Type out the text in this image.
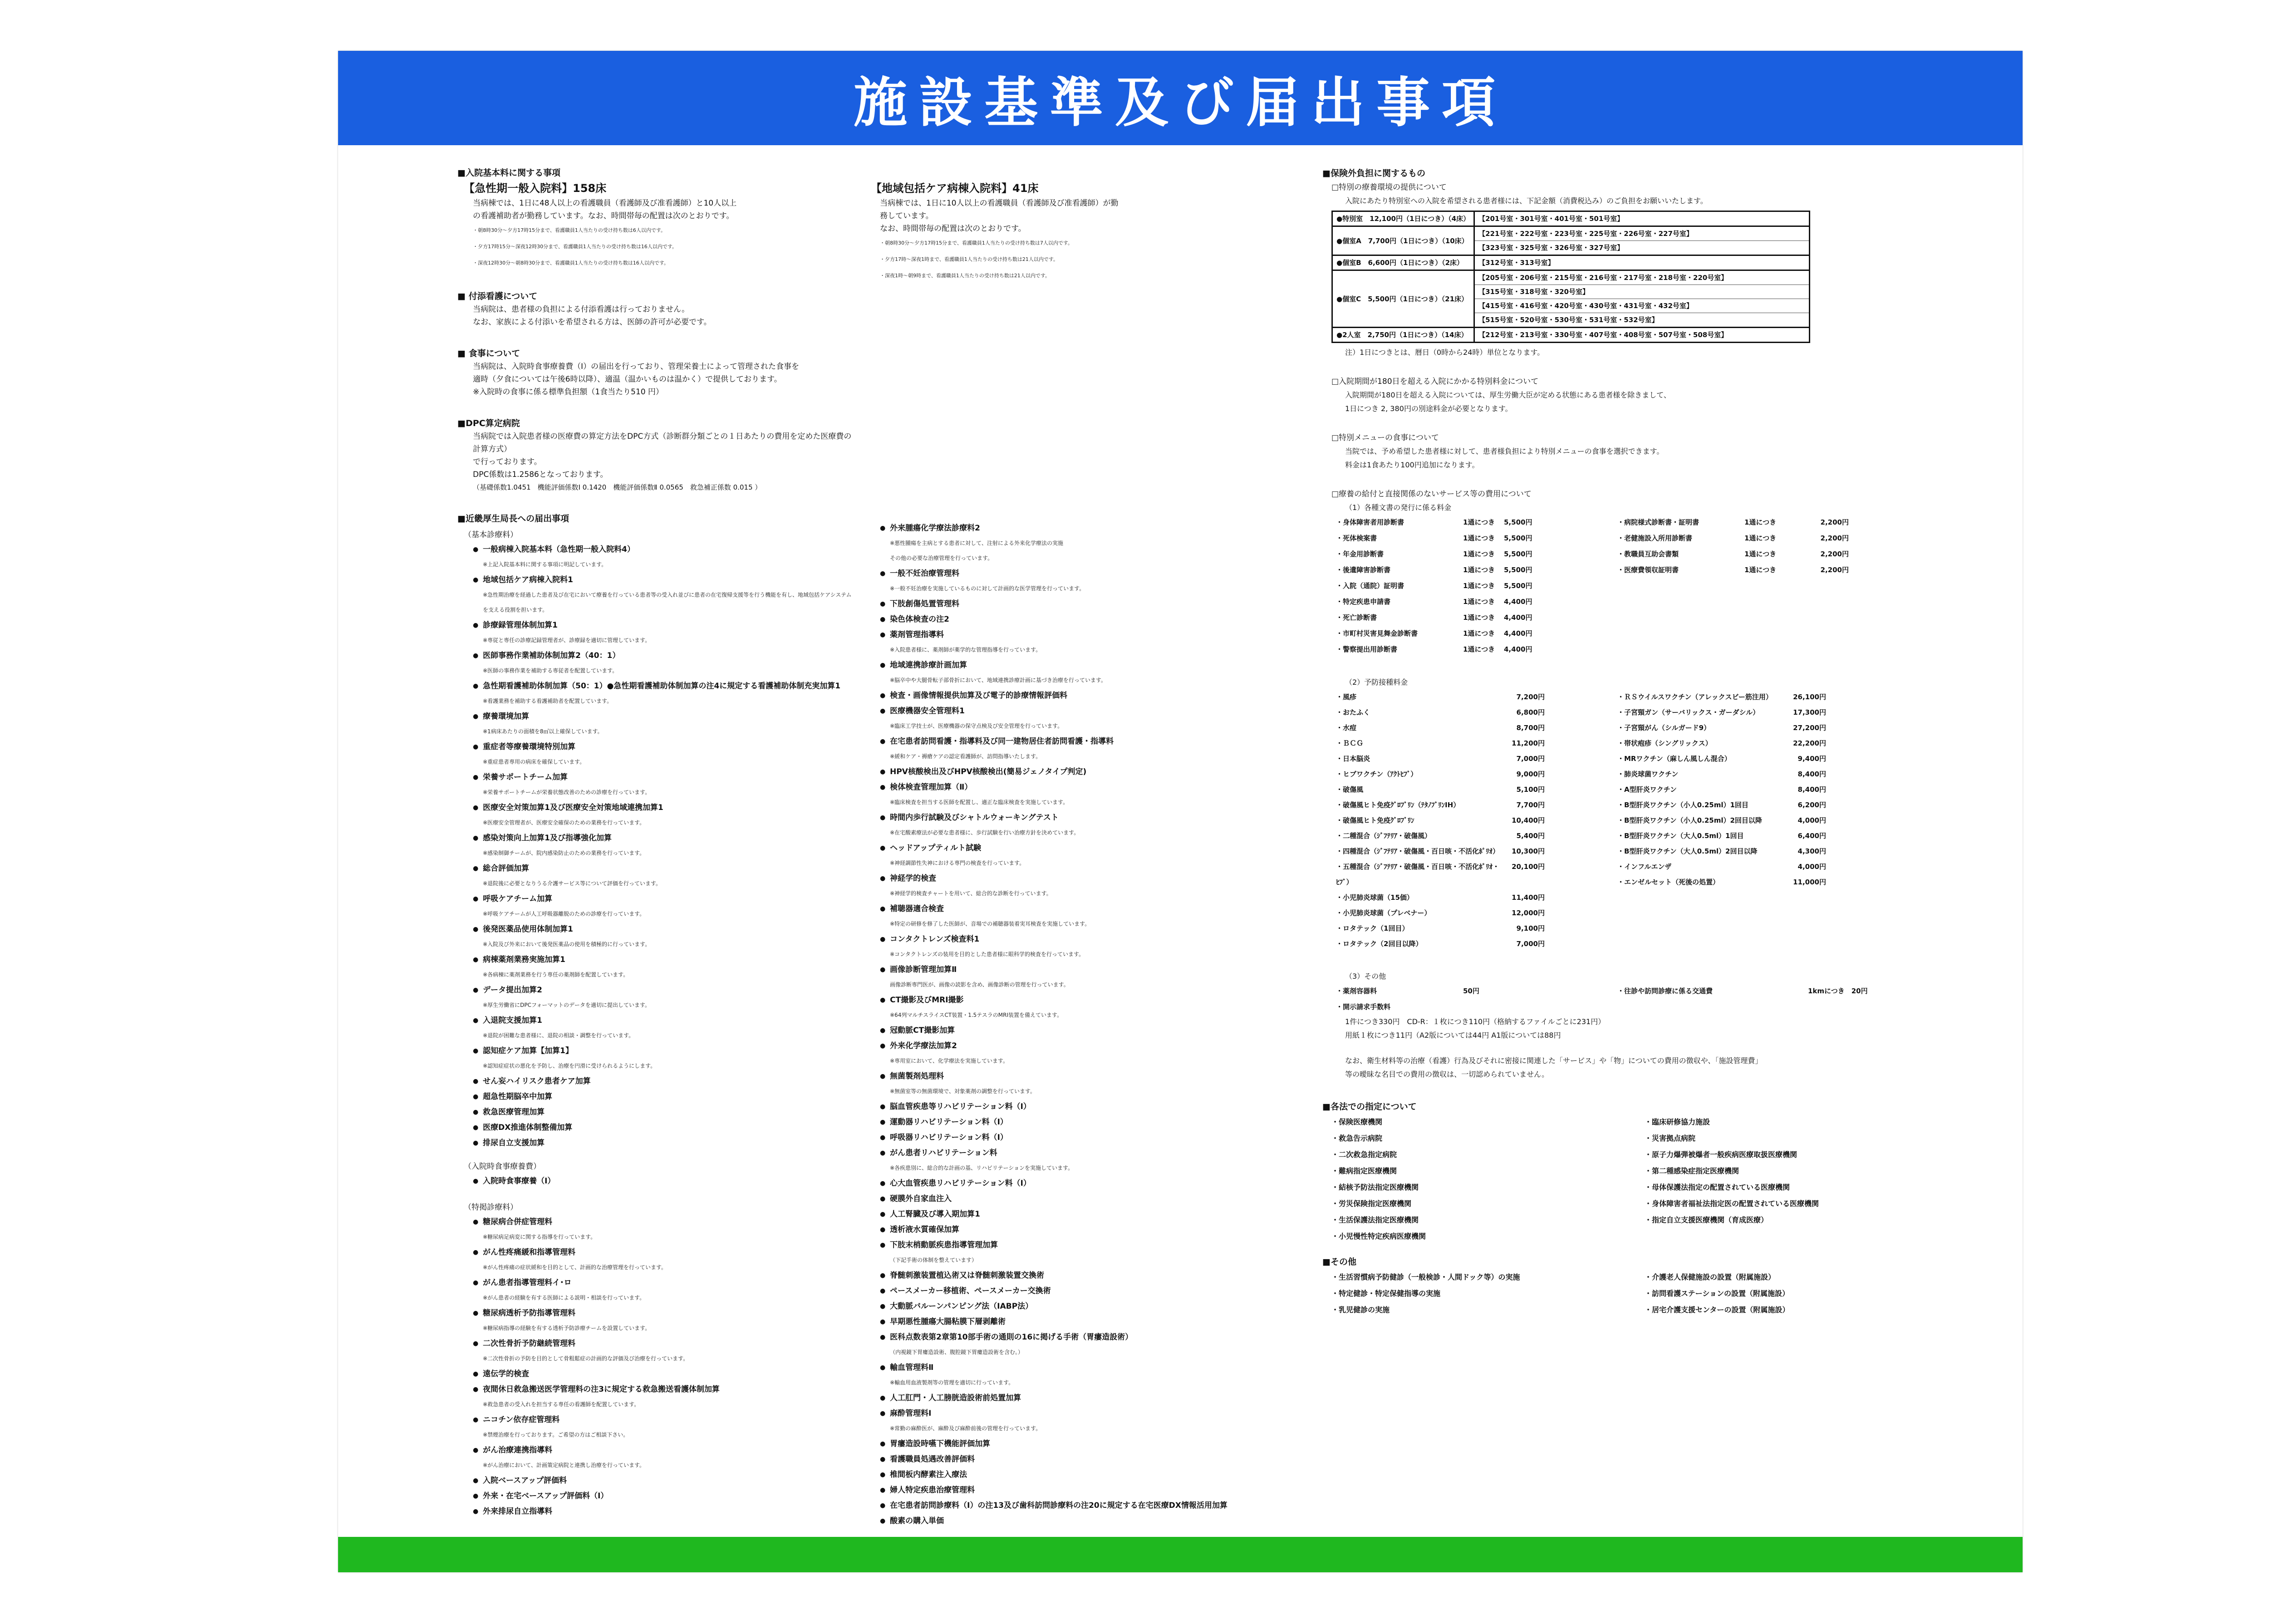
施設基準及び届出事項
■入院基本料に関する事項
【急性期一般入院料】158床
当病棟では、1日に48人以上の看護職員（看護師及び准看護師）と10人以上
の看護補助者が勤務しています。なお、時間帯毎の配置は次のとおりです。
・朝8時30分～夕方17時15分まで、看護職員1人当たりの受け持ち数は6人以内です。
・夕方17時15分～深夜12時30分まで、看護職員1人当たりの受け持ち数は16人以内です。
・深夜12時30分～朝8時30分まで、看護職員1人当たりの受け持ち数は16人以内です。
■ 付添看護について
当病院は、患者様の負担による付添看護は行っておりません。
なお、家族による付添いを希望される方は、医師の許可が必要です。
■ 食事について
当病院は、入院時食事療養費（Ⅰ）の届出を行っており、管理栄養士によって管理された食事を
適時（夕食については午後6時以降）、適温（温かいものは温かく）で提供しております。
※入院時の食事に係る標準負担額（1食当たり510 円）
■DPC算定病院
当病院では入院患者様の医療費の算定方法をDPC方式（診断群分類ごとの１日あたりの費用を定めた医療費の計算方式）
で行っております。
DPC係数は1.2586となっております。
（基礎係数1.0451　機能評価係数Ⅰ 0.1420　機能評価係数Ⅱ 0.0565　救急補正係数 0.015 ）
■近畿厚生局長への届出事項
（基本診療料）
● 一般病棟入院基本料（急性期一般入院料4）
※上記入院基本料に関する事項に明記しています。
● 地域包括ケア病棟入院料1
※急性期治療を経過した患者及び在宅において療養を行っている患者等の受入れ並びに患者の在宅復帰支援等を行う機能を有し、地域包括ケアシステムを支える役割を担います。
● 診療録管理体制加算1
※専従と専任の診療記録管理者が、診療録を適切に管理しています。
● 医師事務作業補助体制加算2（40：1）
※医師の事務作業を補助する専従者を配置しています。
● 急性期看護補助体制加算（50：1）●急性期看護補助体制加算の注4に規定する看護補助体制充実加算1
※看護業務を補助する看護補助者を配置しています。
● 療養環境加算
※1病床あたりの面積を8㎡以上確保しています。
● 重症者等療養環境特別加算
※重症患者専用の病床を確保しています。
● 栄養サポートチーム加算
※栄養サポートチームが栄養状態改善のための診療を行っています。
● 医療安全対策加算1及び医療安全対策地域連携加算1
※医療安全管理者が、医療安全確保のための業務を行っています。
● 感染対策向上加算1及び指導強化加算
※感染制御チームが、院内感染防止のための業務を行っています。
● 総合評価加算
※退院後に必要となりうる介護サービス等について評価を行っています。
● 呼吸ケアチーム加算
※呼吸ケアチームが人工呼吸器離脱のための診療を行っています。
● 後発医薬品使用体制加算1
※入院及び外来において後発医薬品の使用を積極的に行っています。
● 病棟薬剤業務実施加算1
※各病棟に薬剤業務を行う専任の薬剤師を配置しています。
● データ提出加算2
※厚生労働省にDPCフォーマットのデータを適切に提出しています。
● 入退院支援加算1
※退院が困難な患者様に、退院の相談・調整を行っています。
● 認知症ケア加算【加算1】
※認知症症状の悪化を予防し、治療を円滑に受けられるようにします。
● せん妄ハイリスク患者ケア加算
● 超急性期脳卒中加算
● 救急医療管理加算
● 医療DX推進体制整備加算
● 排尿自立支援加算
（入院時食事療養費）
● 入院時食事療養（Ⅰ）
（特掲診療料）
● 糖尿病合併症管理料
※糖尿病足病変に関する指導を行っています。
● がん性疼痛緩和指導管理料
※がん性疼痛の症状緩和を目的として、計画的な治療管理を行っています。
● がん患者指導管理料イ･ロ
※がん患者の経験を有する医師による説明・相談を行っています。
● 糖尿病透析予防指導管理料
※糖尿病指導の経験を有する透析予防診療チームを設置しています。
● 二次性骨折予防継続管理料
※二次性骨折の予防を目的として骨粗鬆症の計画的な評価及び治療を行っています。
● 遠伝学的検査
● 夜間休日救急搬送医学管理料の注3に規定する救急搬送看護体制加算
※救急患者の受入れを担当する専任の看護師を配置しています。
● ニコチン依存症管理料
※禁煙治療を行っております。ご希望の方はご相談下さい。
● がん治療連携指導料
※がん治療において、計画策定病院と連携し治療を行っています。
● 入院ベースアップ評価料
● 外来・在宅ベースアップ評価料（Ⅰ）
● 外来排尿自立指導料
【地域包括ケア病棟入院料】41床
当病棟では、1日に10人以上の看護職員（看護師及び准看護師）が勤務しています。
なお、時間帯毎の配置は次のとおりです。
・朝8時30分～夕方17時15分まで、看護職員1人当たりの受け持ち数は7人以内です。
・夕方17時～深夜1時まで、看護職員1人当たりの受け持ち数は21人以内です。
・深夜1時～朝9時まで、看護職員1人当たりの受け持ち数は21人以内です。
● 外来腫瘍化学療法診療料2
※悪性腫瘍を主病とする患者に対して、注射による外来化学療法の実施
その他の必要な治療管理を行っています。
● 一般不妊治療管理料
※一般不妊治療を実施しているものに対して計画的な医学管理を行っています。
● 下肢創傷処置管理料
● 染色体検査の注2
● 薬剤管理指導料
※入院患者様に、薬剤師が薬学的な管理指導を行っています。
● 地域連携診療計画加算
※脳卒中や大腿骨転子部骨折において、地域連携診療計画に基づき治療を行っています。
● 検査・画像情報提供加算及び電子的診療情報評価料
● 医療機器安全管理料1
※臨床工学技士が、医療機器の保守点検及び安全管理を行っています。
● 在宅患者訪問看護・指導料及び同一建物居住者訪問看護・指導料
※緩和ケア・褥瘡ケアの認定看護師が、訪問指導いたします。
● HPV核酸検出及びHPV核酸検出(簡易ジェノタイプ判定)
● 検体検査管理加算（Ⅱ）
※臨床検査を担当する医師を配置し、適正な臨床検査を実施しています。
● 時間内歩行試験及びシャトルウォーキングテスト
※在宅酸素療法が必要な患者様に、歩行試験を行い治療方針を決めています。
● ヘッドアップティルト試験
※神経調節性失神における専門の検査を行っています。
● 神経学的検査
※神経学的検査チャートを用いて、総合的な診断を行っています。
● 補聴器適合検査
※特定の研修を修了した医師が、音場での補聴器装着実耳検査を実施しています。
● コンタクトレンズ検査料1
※コンタクトレンズの装用を目的とした患者様に眼科学的検査を行っています。
● 画像診断管理加算Ⅱ
画像診断専門医が、画像の読影を含め、画像診断の管理を行っています。
● CT撮影及びMRI撮影
※64列マルチスライスCT装置・1.5テスラのMRI装置を備えています。
● 冠動脈CT撮影加算
● 外来化学療法加算2
※専用室において、化学療法を実施しています。
● 無菌製剤処理料
※無菌室等の無菌環境で、対象薬剤の調整を行っています。
● 脳血管疾患等リハビリテーション料（Ⅰ）
● 運動器リハビリテーション料（Ⅰ）
● 呼吸器リハビリテーション料（Ⅰ）
● がん患者リハビリテーション料
※各疾患別に、総合的な計画の基、リハビリテーションを実施しています。
● 心大血管疾患リハビリテーション料（Ⅰ）
● 硬膜外自家血注入
● 人工腎臓及び導入期加算1
● 透析液水質確保加算
● 下肢末梢動脈疾患指導管理加算
（下記手術の体制を整えています）
● 脊髄刺激装置植込術又は脊髄刺激装置交換術
● ペースメーカー移植術、ペースメーカー交換術
● 大動脈バルーンパンピング法（IABP法）
● 早期悪性腫瘍大腸粘膜下層剥離術
● 医科点数表第2章第10部手術の通則の16に掲げる手術（胃瘻造設術）
（内視鏡下胃瘻造設術、腹腔鏡下胃瘻造設術を含む。）
● 輸血管理料Ⅱ
※輸血用血液製剤等の管理を適切に行っています。
● 人工肛門・人工膀胱造設術前処置加算
● 麻酔管理料Ⅰ
※常勤の麻酔医が、麻酔及び麻酔前後の管理を行っています。
● 胃瘻造設時嚥下機能評価加算
● 看護職員処遇改善評価料
● 椎間板内酵素注入療法
● 婦人特定疾患治療管理料
● 在宅患者訪問診療料（Ⅰ）の注13及び歯科訪問診療料の注20に規定する在宅医療DX情報活用加算
● 酸素の購入単価
■保険外負担に関するもの
□特別の療養環境の提供について
入院にあたり特別室への入院を希望される患者様には、下記金額（消費税込み）のご負担をお願いいたします。
●特別室　12,100円（1日につき）（4床）	【201号室・301号室・401号室・501号室】
●個室A　7,700円（1日につき）（10床）	【221号室・222号室・223号室・225号室・226号室・227号室】
	【323号室・325号室・326号室・327号室】
●個室B　6,600円（1日につき）（2床）	【312号室・313号室】
●個室C　5,500円（1日につき）（21床）	【205号室・206号室・215号室・216号室・217号室・218号室・220号室】
	【315号室・318号室・320号室】
	【415号室・416号室・420号室・430号室・431号室・432号室】
	【515号室・520号室・530号室・531号室・532号室】
●2人室　2,750円（1日につき）（14床）	【212号室・213号室・330号室・407号室・408号室・507号室・508号室】
注）1日につきとは、暦日（0時から24時）単位となります。
□入院期間が180日を超える入院にかかる特別料金について
入院期間が180日を超える入院については、厚生労働大臣が定める状態にある患者様を除きまして、
1日につき 2, 380円の別途料金が必要となります。
□特別メニューの食事について
当院では、予め希望した患者様に対して、患者様負担により特別メニューの食事を選択できます。
料金は1食あたり100円追加になります。
□療養の給付と直接関係のないサービス等の費用について
（1）各種文書の発行に係る料金
・身体障害者用診断書	1通につき	5,500円
・死体検案書	1通につき	5,500円
・年金用診断書	1通につき	5,500円
・後遺障害診断書	1通につき	5,500円
・入院（通院）証明書	1通につき	5,500円
・特定疾患申請書	1通につき	4,400円
・死亡診断書	1通につき	4,400円
・市町村災害見舞金診断書	1通につき	4,400円
・警察提出用診断書	1通につき	4,400円
・病院様式診断書・証明書	1通につき	2,200円
・老健施設入所用診断書	1通につき	2,200円
・教職員互助会書類	1通につき	2,200円
・医療費領収証明書	1通につき	2,200円
（2）予防接種料金
・風疹	7,200円
・おたふく	6,800円
・水痘	8,700円
・ＢＣＧ	11,200円
・日本脳炎	7,000円
・ヒブワクチン（ｱｸﾄﾋﾌﾞ）	9,000円
・破傷風	5,100円
・破傷風ヒト免疫ｸﾞﾛﾌﾞﾘﾝ（ﾃﾀﾉﾌﾞﾘﾝIH）	7,700円
・破傷風ヒト免疫ｸﾞﾛﾌﾞﾘﾝ	10,400円
・二種混合（ｼﾞﾌﾃﾘｱ・破傷風）	5,400円
・四種混合（ｼﾞﾌﾃﾘｱ・破傷風・百日咳・不活化ﾎﾟﾘｵ）	10,300円
・五種混合（ｼﾞﾌﾃﾘｱ・破傷風・百日咳・不活化ﾎﾟﾘｵ・ﾋﾌﾞ）
20,100円
・小児肺炎球菌（15価）	11,400円
・小児肺炎球菌（プレベナー）	12,000円
・ロタテック（1回目）	9,100円
・ロタテック（2回目以降）	7,000円
・ＲＳウイルスワクチン（アレックスビー筋注用）	26,100円
・子宮頸ガン（サーバリックス・ガーダシル）	17,300円
・子宮頸がん（シルガード9）	27,200円
・帯状疱疹（シングリックス）	22,200円
・MRワクチン（麻しん風しん混合）	9,400円
・肺炎球菌ワクチン	8,400円
・A型肝炎ワクチン	8,400円
・B型肝炎ワクチン（小人0.25ml）1回目	6,200円
・B型肝炎ワクチン（小人0.25ml）2回目以降	4,000円
・B型肝炎ワクチン（大人0.5ml）1回目	6,400円
・B型肝炎ワクチン（大人0.5ml）2回目以降	4,300円
・インフルエンザ	4,000円
・エンゼルセット（死後の処置）	11,000円
（3）その他
・薬剤容器料	50円	・往診や訪問診療に係る交通費	1kmにつき　20円
・開示請求手数料
1件につき330円　CD-R：１枚につき110円（格納するファイルごとに231円）
用紙１枚につき11円（A2版については44円 A1版については88円
なお、衛生材料等の治療（看護）行為及びそれに密接に関連した「サービス」や「物」についての費用の徴収や、「施設管理費」
等の曖昧な名目での費用の徴収は、一切認められていません。
■各法での指定について
・保険医療機関
・救急告示病院
・二次救急指定病院
・難病指定医療機関
・結核予防法指定医療機関
・労災保険指定医療機関
・生活保護法指定医療機関
・小児慢性特定疾病医療機関
・臨床研修協力施設
・災害拠点病院
・原子力爆弾被爆者一般疾病医療取扱医療機関
・第二種感染症指定医療機関
・母体保護法指定の配置されている医療機関
・身体障害者福祉法指定医の配置されている医療機関
・指定自立支援医療機関（育成医療）
■その他
・生活習慣病予防健診（一般検診・人間ドック等）の実施
・特定健診・特定保健指導の実施
・乳児健診の実施
・介護老人保健施設の設置（附属施設）
・訪問看護ステーションの設置（附属施設）
・居宅介護支援センターの設置（附属施設）
